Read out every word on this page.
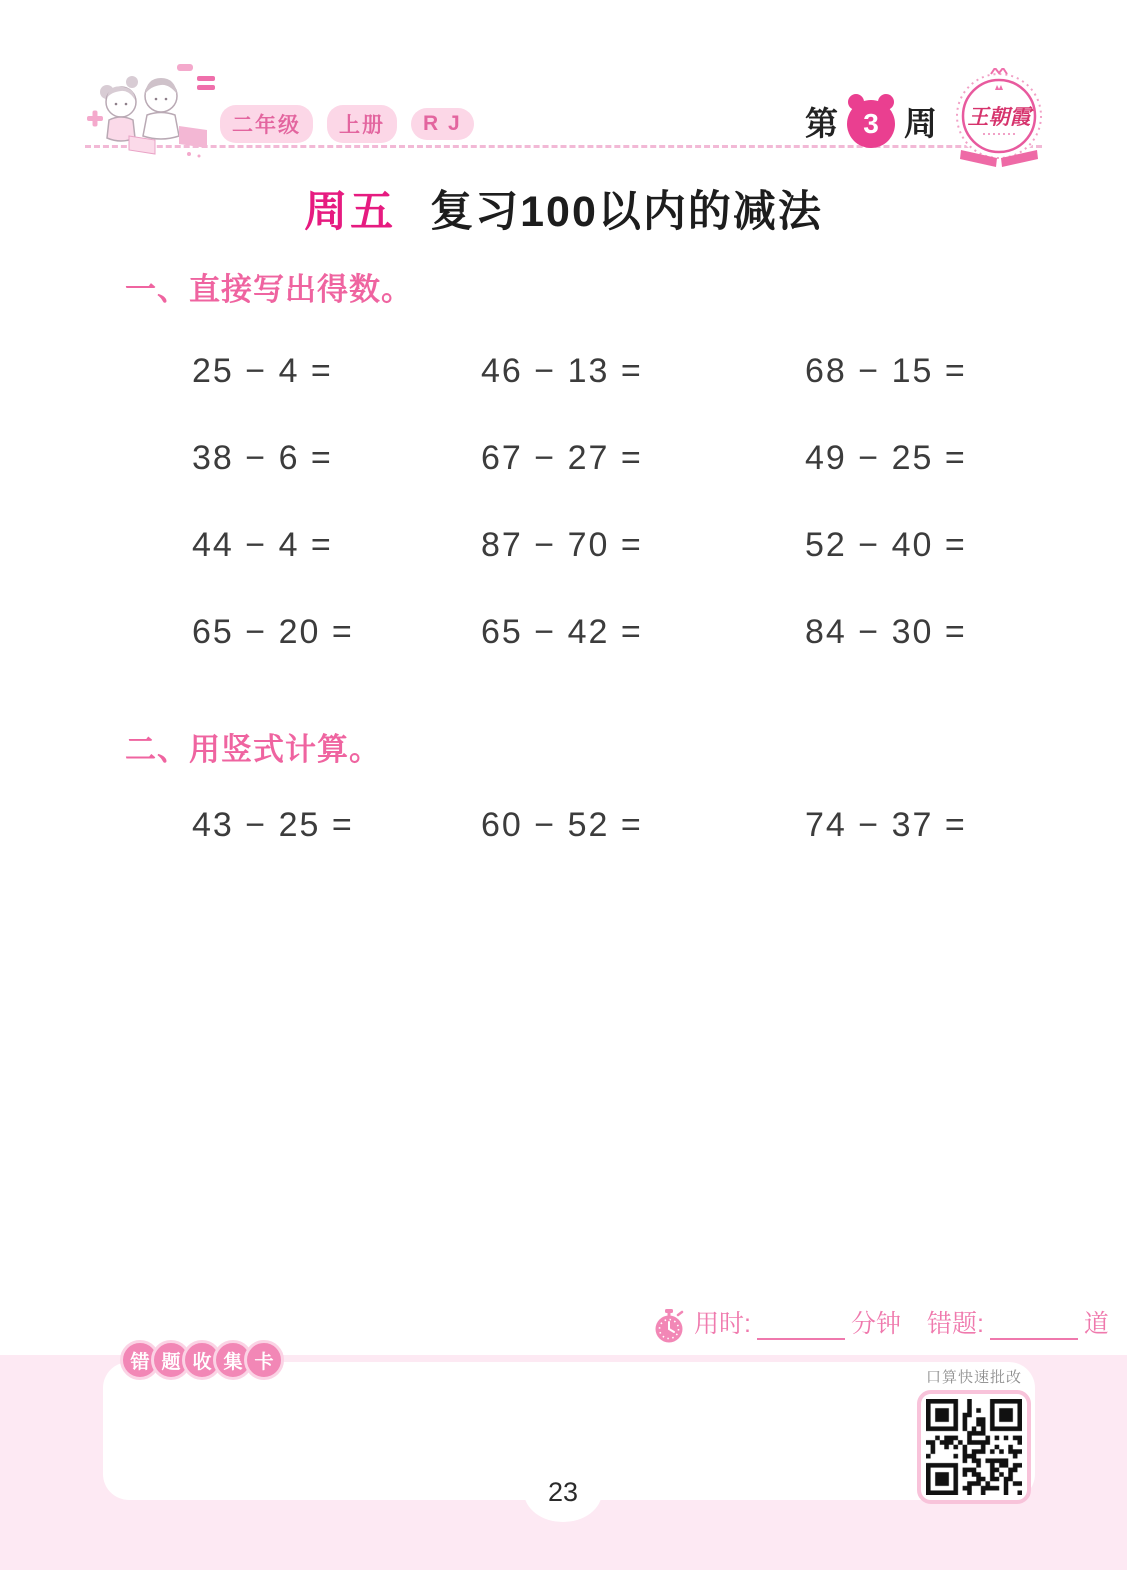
二年级	上册	R J	第 3 周 王朝霞
周五 复习100以内的减法
一、直接写出得数。
25 − 4 =	46 − 13 =	68 − 15 =
38 − 6 =	67 − 27 =	49 − 25 =
44 − 4 =	87 − 70 =	52 − 40 =
65 − 20 =	65 − 42 =	84 − 30 =
二、用竖式计算。
43 − 25 =	60 − 52 =	74 − 37 =
用时:	分钟 错题:	道
错 题 收 集 卡
口算快速批改
23
